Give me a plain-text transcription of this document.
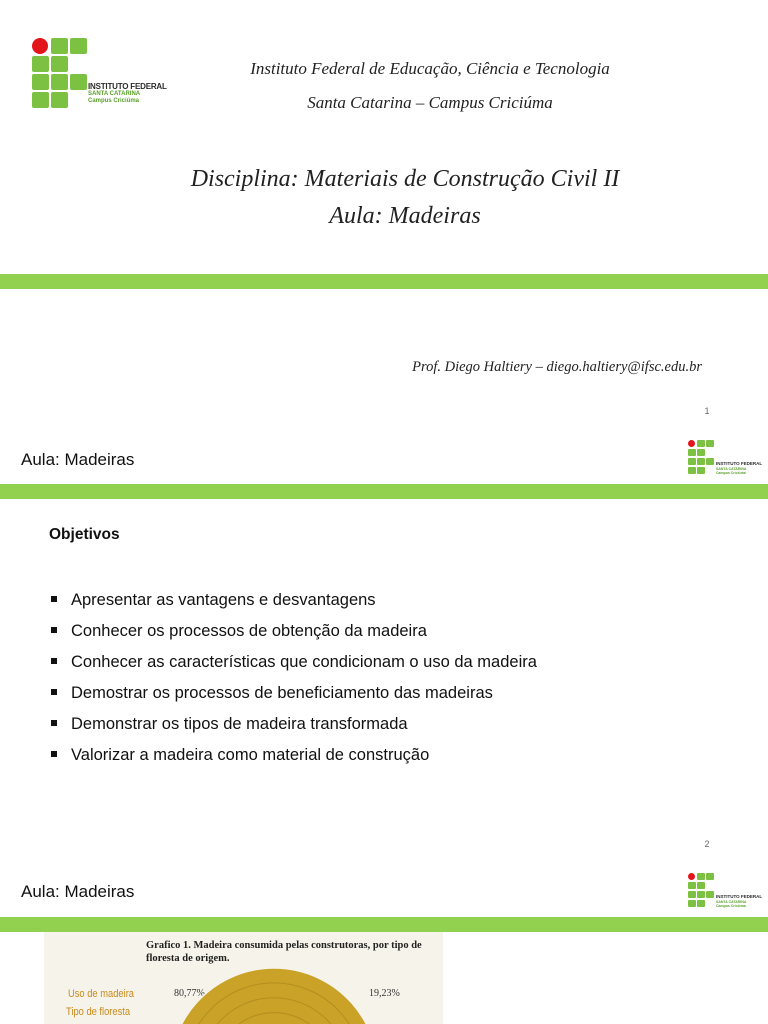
INSTITUTO FEDERAL
SANTA CATARINA
Campus Criciúma
Instituto Federal de Educação, Ciência e Tecnologia
Santa Catarina – Campus Criciúma
Disciplina: Materiais de Construção Civil II
Aula: Madeiras
Prof. Diego Haltiery – diego.haltiery@ifsc.edu.br
1
Aula: Madeiras	INSTITUTO FEDERAL
SANTA CATARINA
Campus Criciúma
Objetivos
Apresentar as vantagens e desvantagens
Conhecer os processos de obtenção da madeira
Conhecer as características que condicionam o uso da madeira
Demostrar os processos de beneficiamento das madeiras
Demonstrar os tipos de madeira transformada
Valorizar a madeira como material de construção
2
Aula: Madeiras	INSTITUTO FEDERAL
SANTA CATARINA
Campus Criciúma
Grafico 1. Madeira consumida pelas construtoras, por tipo de floresta de origem.
Uso de madeira
Tipo de floresta
80,77%	19,23%
